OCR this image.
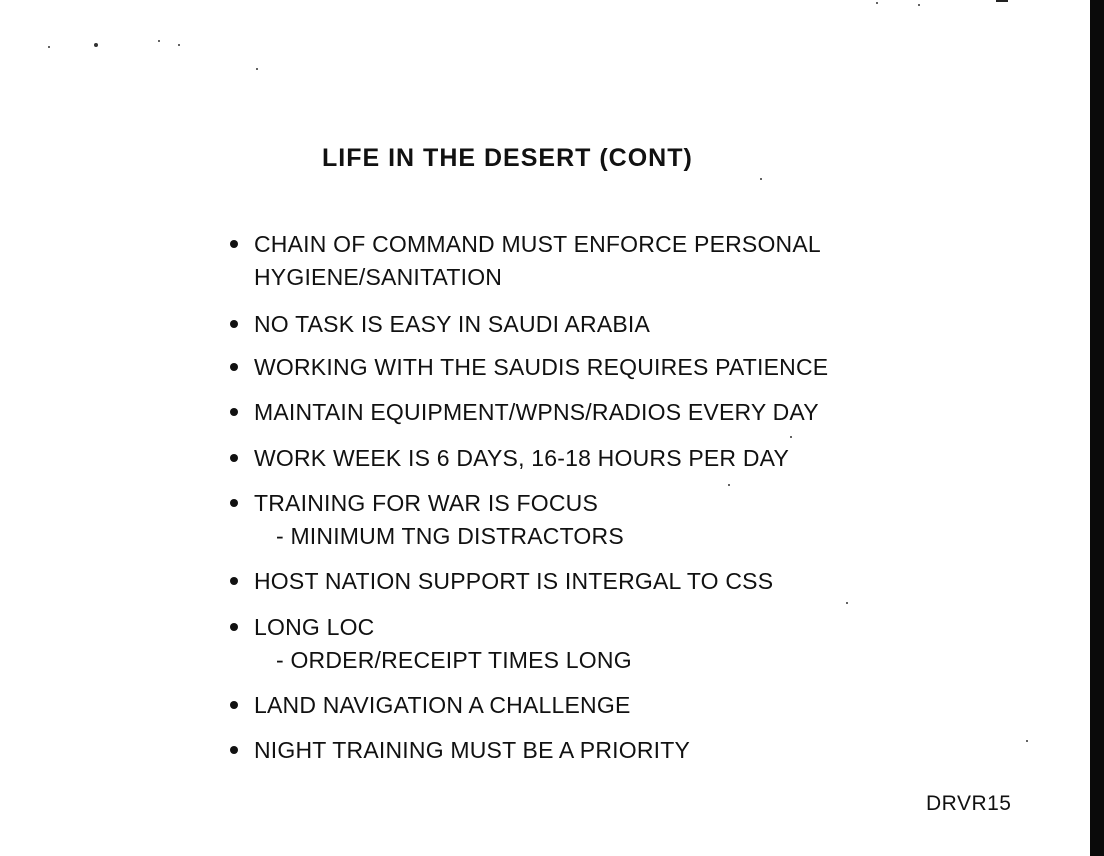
LIFE IN THE DESERT (CONT)
CHAIN OF COMMAND MUST ENFORCE PERSONAL
HYGIENE/SANITATION
NO TASK IS EASY IN SAUDI ARABIA
WORKING WITH THE SAUDIS REQUIRES PATIENCE
MAINTAIN EQUIPMENT/WPNS/RADIOS EVERY DAY
WORK WEEK IS 6 DAYS, 16-18 HOURS PER DAY
TRAINING FOR WAR IS FOCUS
- MINIMUM TNG DISTRACTORS
HOST NATION SUPPORT IS INTERGAL TO CSS
LONG LOC
- ORDER/RECEIPT TIMES LONG
LAND NAVIGATION A CHALLENGE
NIGHT TRAINING MUST BE A PRIORITY
DRVR15
